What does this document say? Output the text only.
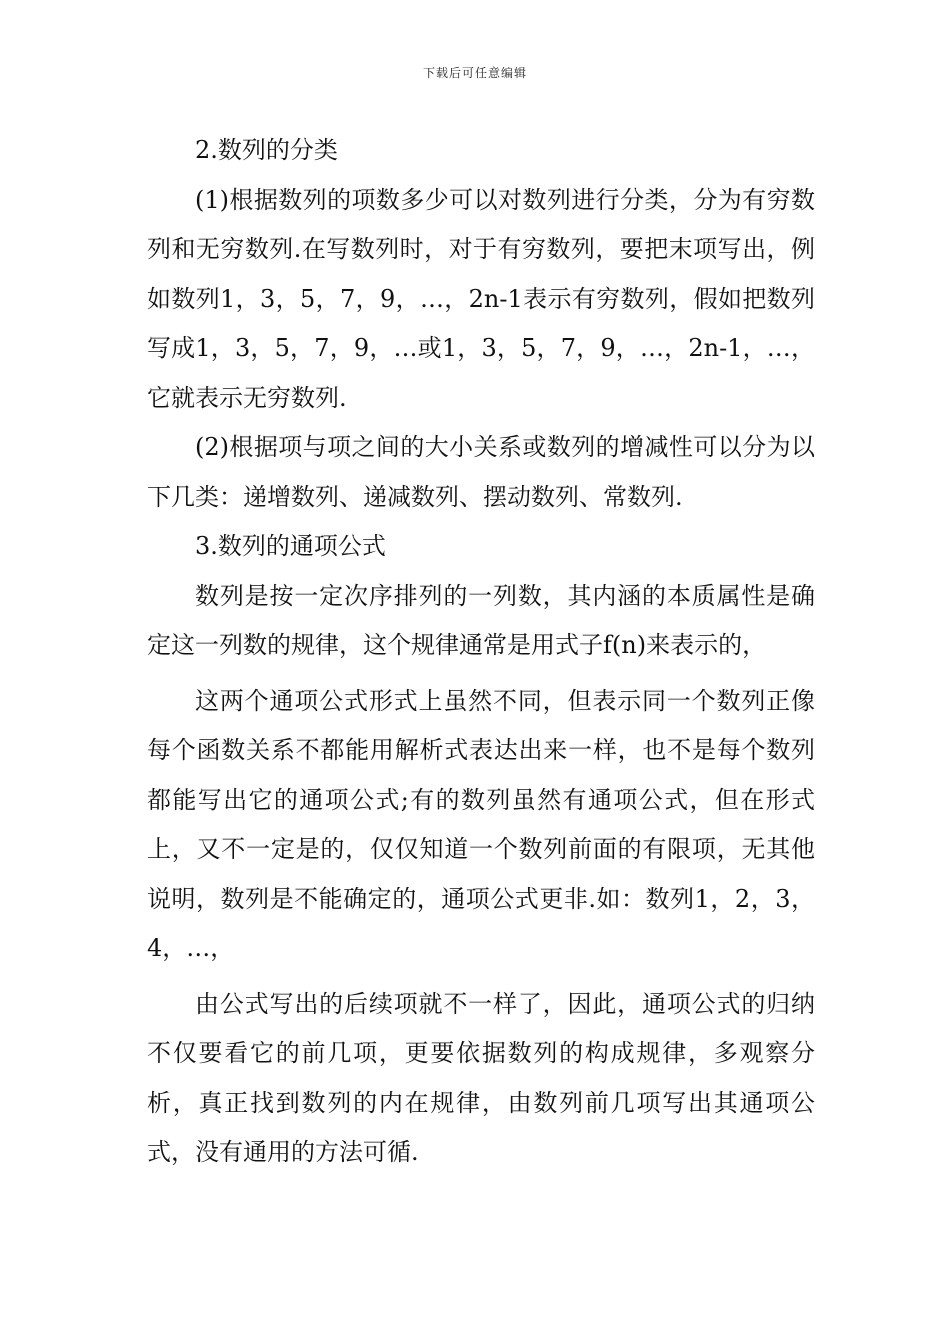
下载后可任意编辑

2.数列的分类

(1)根据数列的项数多少可以对数列进行分类，分为有穷数列和无穷数列.在写数列时，对于有穷数列，要把末项写出，例如数列1，3，5，7，9，…，2n-1表示有穷数列，假如把数列写成1，3，5，7，9，…或1，3，5，7，9，…，2n-1，…，它就表示无穷数列.

(2)根据项与项之间的大小关系或数列的增减性可以分为以下几类：递增数列、递减数列、摆动数列、常数列.

3.数列的通项公式

数列是按一定次序排列的一列数，其内涵的本质属性是确定这一列数的规律，这个规律通常是用式子f(n)来表示的，

这两个通项公式形式上虽然不同，但表示同一个数列正像每个函数关系不都能用解析式表达出来一样，也不是每个数列都能写出它的通项公式;有的数列虽然有通项公式，但在形式上，又不一定是的，仅仅知道一个数列前面的有限项，无其他说明，数列是不能确定的，通项公式更非.如：数列1，2，3，4，…，

由公式写出的后续项就不一样了，因此，通项公式的归纳不仅要看它的前几项，更要依据数列的构成规律，多观察分析，真正找到数列的内在规律，由数列前几项写出其通项公式，没有通用的方法可循.
